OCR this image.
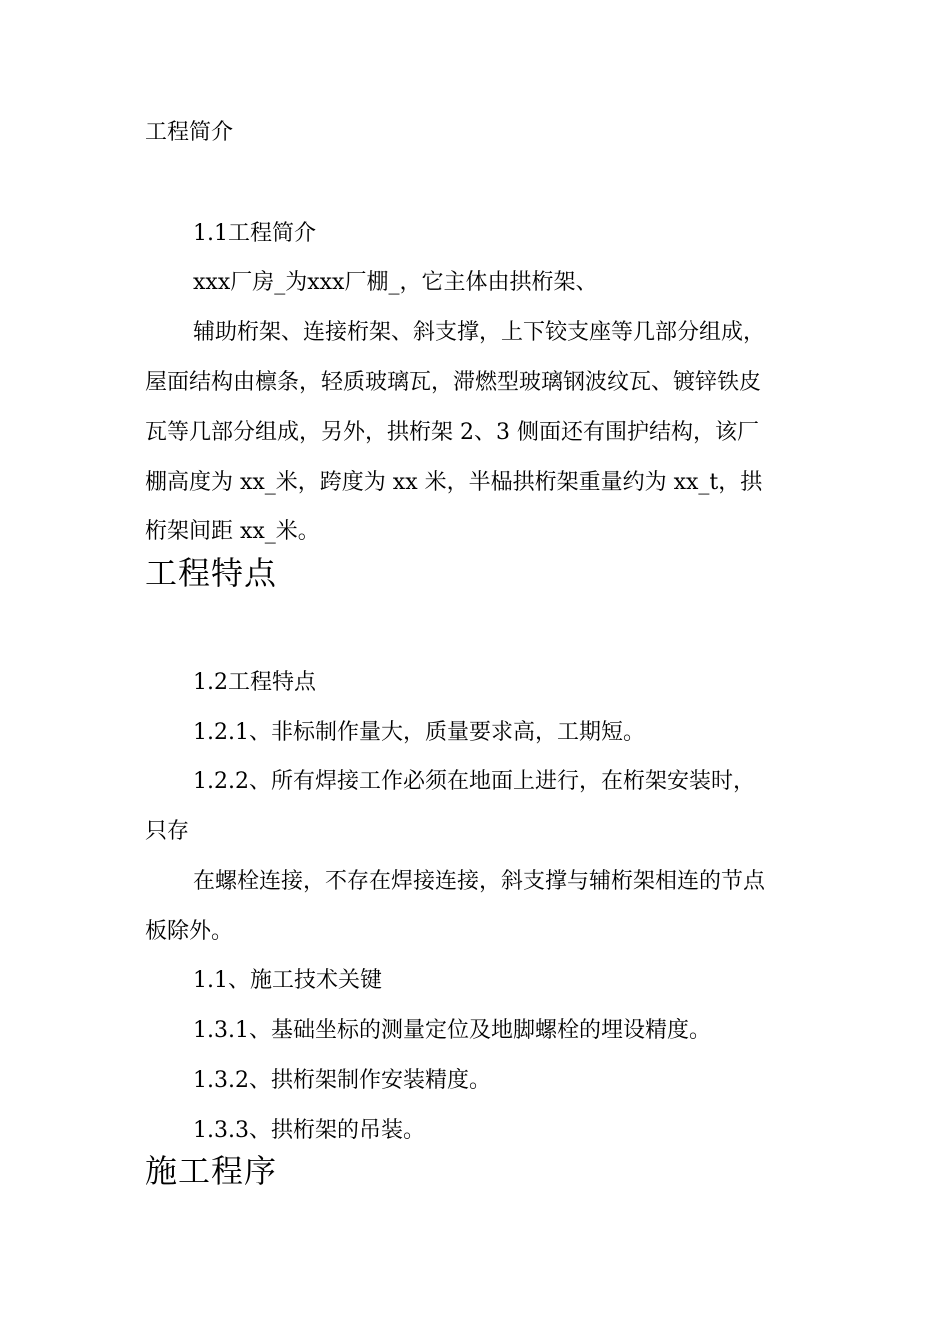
工程简介

1.1工程简介

xxx厂房_为xxx厂棚_，它主体由拱桁架、

辅助桁架、连接桁架、斜支撑，上下铰支座等几部分组成，

屋面结构由檩条，轻质玻璃瓦，滞燃型玻璃钢波纹瓦、镀锌铁皮

瓦等几部分组成，另外，拱桁架 2、3 侧面还有围护结构，该厂

棚高度为 xx_米，跨度为 xx 米，半榀拱桁架重量约为 xx_t，拱

桁架间距 xx_米。

工程特点

1.2工程特点

1.2.1、非标制作量大，质量要求高，工期短。

1.2.2、所有焊接工作必须在地面上进行，在桁架安装时，

只存

在螺栓连接，不存在焊接连接，斜支撑与辅桁架相连的节点

板除外。

1.1、施工技术关键

1.3.1、基础坐标的测量定位及地脚螺栓的埋设精度。

1.3.2、拱桁架制作安装精度。

1.3.3、拱桁架的吊装。

施工程序
